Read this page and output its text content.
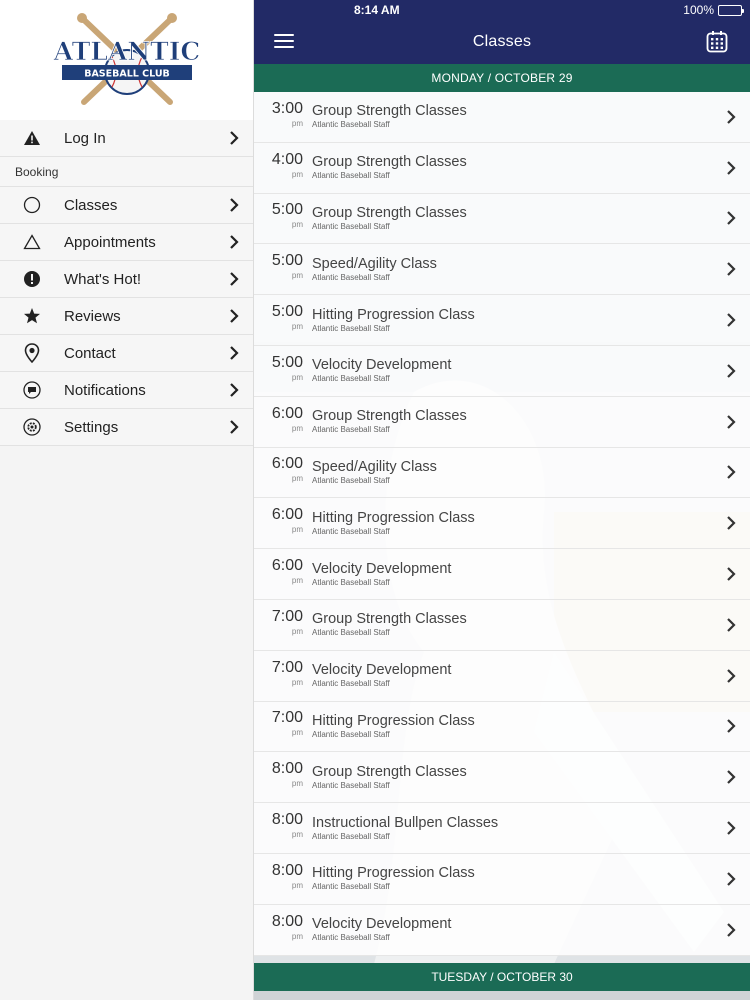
BASEBALL CLUB
ATLANTIC
Log In
Booking
Classes
Appointments
What's Hot!
Reviews
Contact
Notifications
Settings
8:14 AM	100%
Classes
MONDAY / OCTOBER 29
3:00
pm
Group Strength Classes
Atlantic Baseball Staff
4:00
pm
Group Strength Classes
Atlantic Baseball Staff
5:00
pm
Group Strength Classes
Atlantic Baseball Staff
5:00
pm
Speed/Agility Class
Atlantic Baseball Staff
5:00
pm
Hitting Progression Class
Atlantic Baseball Staff
5:00
pm
Velocity Development
Atlantic Baseball Staff
6:00
pm
Group Strength Classes
Atlantic Baseball Staff
6:00
pm
Speed/Agility Class
Atlantic Baseball Staff
6:00
pm
Hitting Progression Class
Atlantic Baseball Staff
6:00
pm
Velocity Development
Atlantic Baseball Staff
7:00
pm
Group Strength Classes
Atlantic Baseball Staff
7:00
pm
Velocity Development
Atlantic Baseball Staff
7:00
pm
Hitting Progression Class
Atlantic Baseball Staff
8:00
pm
Group Strength Classes
Atlantic Baseball Staff
8:00
pm
Instructional Bullpen Classes
Atlantic Baseball Staff
8:00
pm
Hitting Progression Class
Atlantic Baseball Staff
8:00
pm
Velocity Development
Atlantic Baseball Staff
TUESDAY / OCTOBER 30
